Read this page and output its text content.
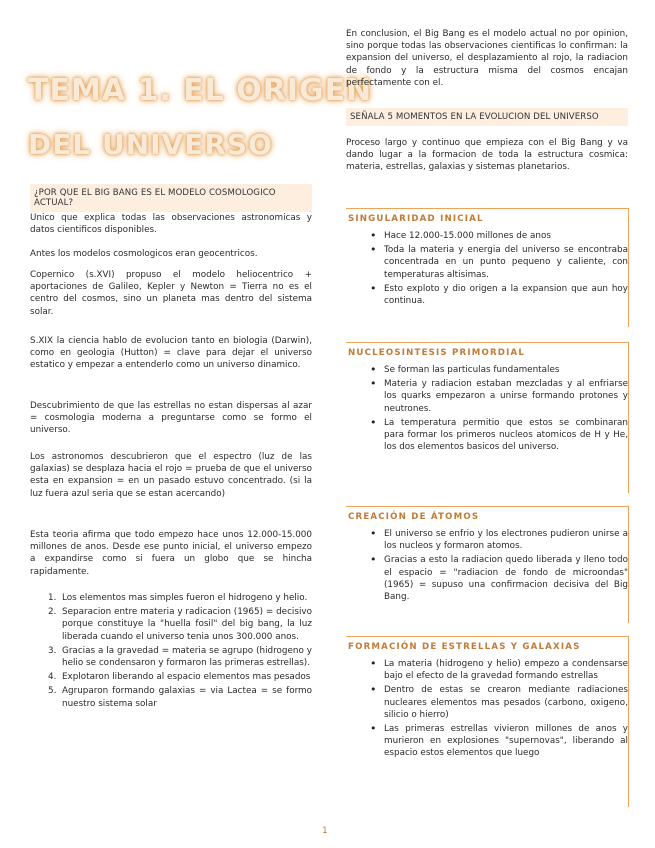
TEMA 1. EL ORIGEN
DEL UNIVERSO
¿POR QUE EL BIG BANG ES EL MODELO COSMOLOGICO ACTUAL?

Unico que explica todas las observaciones astronomicas y datos cientificos disponibles.

Antes los modelos cosmologicos eran geocentricos.

Copernico (s.XVI) propuso el modelo heliocentrico + aportaciones de Galileo, Kepler y Newton = Tierra no es el centro del cosmos, sino un planeta mas dentro del sistema solar.

S.XIX la ciencia hablo de evolucion tanto en biologia (Darwin), como en geologia (Hutton) = clave para dejar el universo estatico y empezar a entenderlo como un universo dinamico.

Descubrimiento de que las estrellas no estan dispersas al azar = cosmologia moderna a preguntarse como se formo el universo.

Los astronomos descubrieron que el espectro (luz de las galaxias) se desplaza hacia el rojo = prueba de que el universo esta en expansion = en un pasado estuvo concentrado. (si la luz fuera azul seria que se estan acercando)

Esta teoria afirma que todo empezo hace unos 12.000-15.000 millones de anos. Desde ese punto inicial, el universo empezo a expandirse como si fuera un globo que se hincha rapidamente.

1. Los elementos mas simples fueron el hidrogeno y helio.
2. Separacion entre materia y radicacion (1965) = decisivo porque constituye la "huella fosil" del big bang, la luz liberada cuando el universo tenia unos 300.000 anos.
3. Gracias a la gravedad = materia se agrupo (hidrogeno y helio se condensaron y formaron las primeras estrellas).
4. Explotaron liberando al espacio elementos mas pesados
5. Agruparon formando galaxias = via Lactea = se formo nuestro sistema solar

En conclusion, el Big Bang es el modelo actual no por opinion, sino porque todas las observaciones cientificas lo confirman: la expansion del universo, el desplazamiento al rojo, la radiacion de fondo y la estructura misma del cosmos encajan perfectamente con el.

SEÑALA 5 MOMENTOS EN LA EVOLUCION DEL UNIVERSO

Proceso largo y continuo que empieza con el Big Bang y va dando lugar a la formacion de toda la estructura cosmica: materia, estrellas, galaxias y sistemas planetarios.

SINGULARIDAD INICIAL
• Hace 12.000-15.000 millones de anos
• Toda la materia y energia del universo se encontraba concentrada en un punto pequeno y caliente, con temperaturas altisimas.
• Esto exploto y dio origen a la expansion que aun hoy continua.
NUCLEOSINTESIS PRIMORDIAL
• Se forman las particulas fundamentales
• Materia y radiacion estaban mezcladas y al enfriarse los quarks empezaron a unirse formando protones y neutrones.
• La temperatura permitio que estos se combinaran para formar los primeros nucleos atomicos de H y He, los dos elementos basicos del universo.
CREACIÓN DE ÁTOMOS
• El universo se enfrio y los electrones pudieron unirse a los nucleos y formaron atomos.
• Gracias a esto la radiacion quedo liberada y lleno todo el espacio = "radiacion de fondo de microondas" (1965) = supuso una confirmacion decisiva del Big Bang.
FORMACIÓN DE ESTRELLAS Y GALAXIAS
• La materia (hidrogeno y helio) empezo a condensarse bajo el efecto de la gravedad formando estrellas
• Dentro de estas se crearon mediante radiaciones nucleares elementos mas pesados (carbono, oxigeno, silicio o hierro)
• Las primeras estrellas vivieron millones de anos y murieron en explosiones "supernovas", liberando al espacio estos elementos que luego
1
